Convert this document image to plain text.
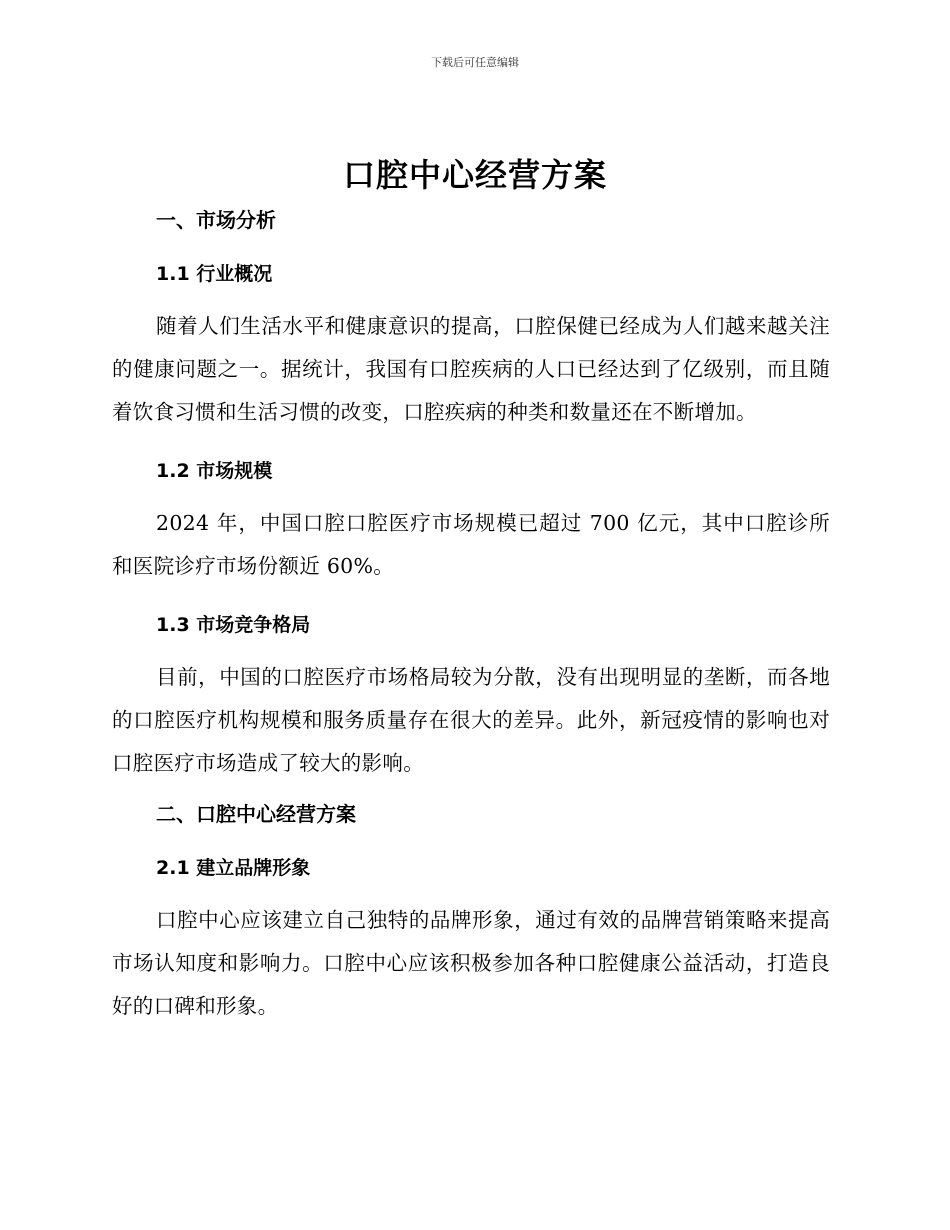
下载后可任意编辑
口腔中心经营方案
一、市场分析
1.1 行业概况

随着人们生活水平和健康意识的提高，口腔保健已经成为人们越来越关注的健康问题之一。据统计，我国有口腔疾病的人口已经达到了亿级别，而且随着饮食习惯和生活习惯的改变，口腔疾病的种类和数量还在不断增加。

1.2 市场规模

2024 年，中国口腔口腔医疗市场规模已超过 700 亿元，其中口腔诊所和医院诊疗市场份额近 60%。

1.3 市场竞争格局

目前，中国的口腔医疗市场格局较为分散，没有出现明显的垄断，而各地的口腔医疗机构规模和服务质量存在很大的差异。此外，新冠疫情的影响也对口腔医疗市场造成了较大的影响。

二、口腔中心经营方案
2.1 建立品牌形象

口腔中心应该建立自己独特的品牌形象，通过有效的品牌营销策略来提高市场认知度和影响力。口腔中心应该积极参加各种口腔健康公益活动，打造良好的口碑和形象。
